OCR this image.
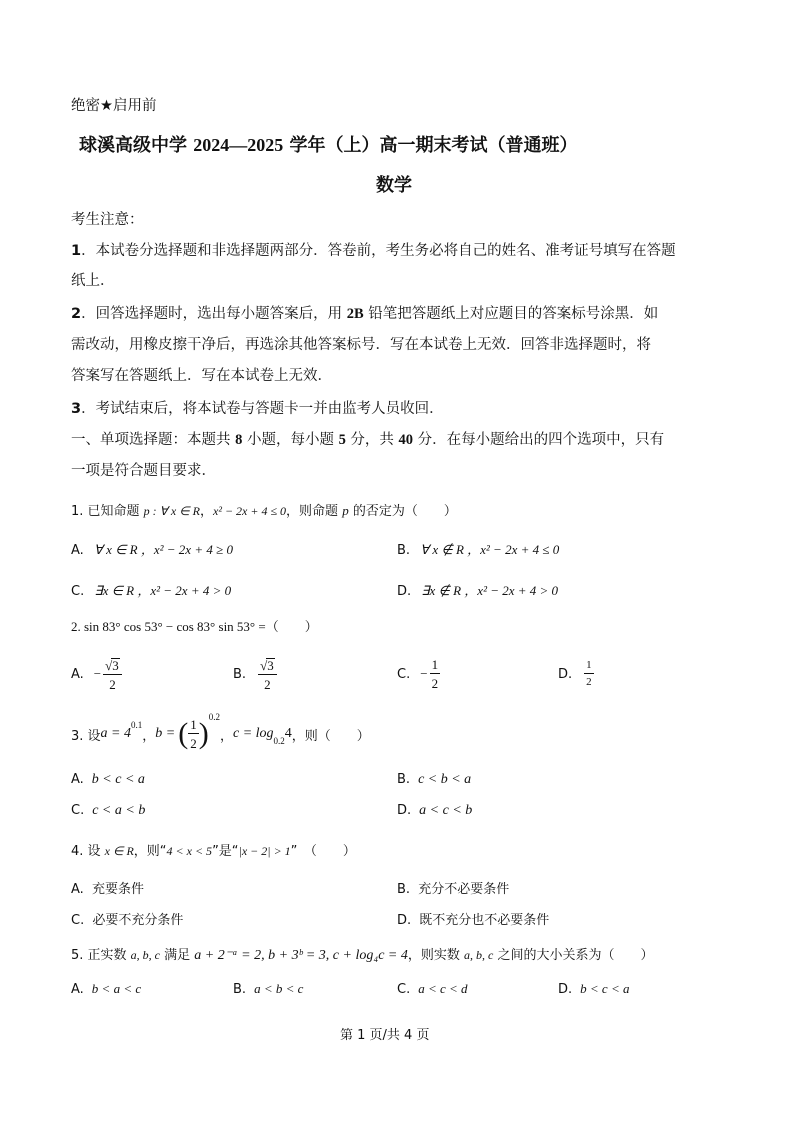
绝密★启用前
球溪高级中学 2024—2025 学年（上）高一期末考试（普通班）
数学
考生注意：
1．本试卷分选择题和非选择题两部分．答卷前，考生务必将自己的姓名、准考证号填写在答题
纸上．
2．回答选择题时，选出每小题答案后，用 2B 铅笔把答题纸上对应题目的答案标号涂黑．如
需改动，用橡皮擦干净后，再选涂其他答案标号．写在本试卷上无效．回答非选择题时，将
答案写在答题纸上．写在本试卷上无效．
3．考试结束后，将本试卷与答题卡一并由监考人员收回．
一、单项选择题：本题共 8 小题，每小题 5 分，共 40 分．在每小题给出的四个选项中，只有
一项是符合题目要求．
1. 已知命题 p : ∀ x ∈ R，x² − 2x + 4 ≤ 0，则命题 p 的否定为（　　）
A. ∀ x ∈ R ，x² − 2x + 4 ≥ 0	B. ∀ x ∉ R ，x² − 2x + 4 ≤ 0
C. ∃x ∈ R ，x² − 2x + 4 > 0	D. ∃x ∉ R ，x² − 2x + 4 > 0
2. sin 83° cos 53° − cos 83° sin 53° =（　　）
A. − $\frac{√3}{2}$	B. $\frac{√3}{2}$	C. − $\frac{1}{2}$	D. $\frac{1}{2}$
3. 设 a = 4
$^{0.1}$
， b = ( $\frac{1}{2} )^{0.2}$
， $c = \log_{0.2} 4$ ，则（　　）
A. b < c < a	B. c < b < a
C. c < a < b	D. a < c < b
4. 设 x ∈ R，则“4 < x < 5”是“|x − 2| > 1”　（　　）
A. 充要条件	B. 充分不必要条件
C. 必要不充分条件	D. 既不充分也不必要条件
5. 正实数 a, b, c 满足 a + 2⁻ᵃ = 2, b + 3ᵇ = 3, c + log₄c = 4，则实数 a, b, c 之间的大小关系为（　　）
A. b < a < c	B. a < b < c	C. a < c < d	D. b < c < a
第 1 页/共 4 页
